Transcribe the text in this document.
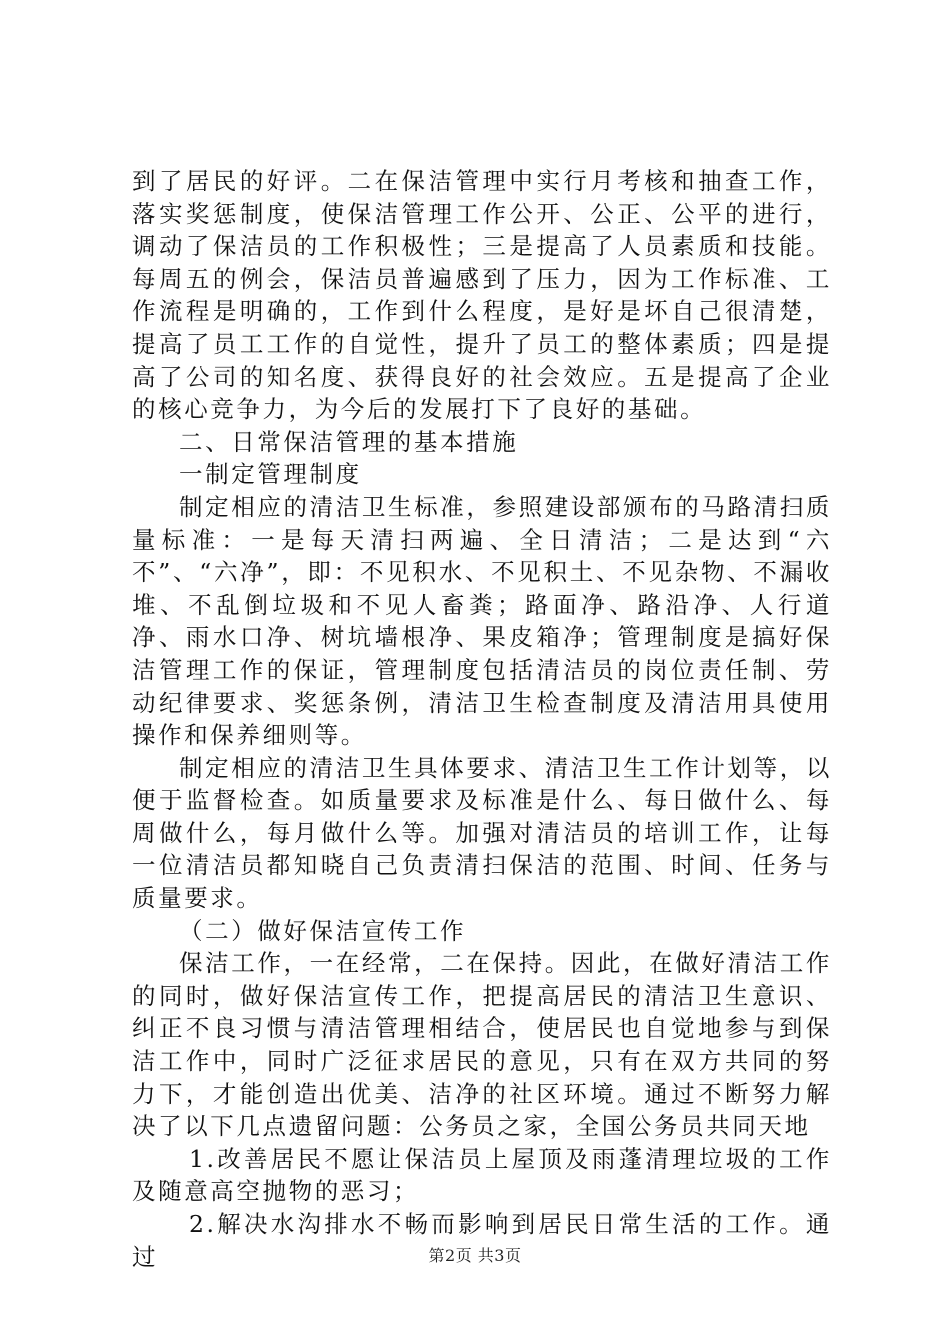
到了居民的好评。二在保洁管理中实行月考核和抽查工作，落实奖惩制度，使保洁管理工作公开、公正、公平的进行，调动了保洁员的工作积极性；三是提高了人员素质和技能。每周五的例会，保洁员普遍感到了压力，因为工作标准、工作流程是明确的，工作到什么程度，是好是坏自己很清楚，提高了员工工作的自觉性，提升了员工的整体素质；四是提高了公司的知名度、获得良好的社会效应。五是提高了企业的核心竞争力，为今后的发展打下了良好的基础。

二、日常保洁管理的基本措施

一制定管理制度

制定相应的清洁卫生标准，参照建设部颁布的马路清扫质量标准：一是每天清扫两遍、全日清洁；二是达到“六不”、“六净”，即：不见积水、不见积土、不见杂物、不漏收堆、不乱倒垃圾和不见人畜粪；路面净、路沿净、人行道净、雨水口净、树坑墙根净、果皮箱净；管理制度是搞好保洁管理工作的保证，管理制度包括清洁员的岗位责任制、劳动纪律要求、奖惩条例，清洁卫生检查制度及清洁用具使用操作和保养细则等。

制定相应的清洁卫生具体要求、清洁卫生工作计划等，以便于监督检查。如质量要求及标准是什么、每日做什么、每周做什么，每月做什么等。加强对清洁员的培训工作，让每一位清洁员都知晓自己负责清扫保洁的范围、时间、任务与质量要求。

（二）做好保洁宣传工作

保洁工作，一在经常，二在保持。因此，在做好清洁工作的同时，做好保洁宣传工作，把提高居民的清洁卫生意识、纠正不良习惯与清洁管理相结合，使居民也自觉地参与到保洁工作中，同时广泛征求居民的意见，只有在双方共同的努力下，才能创造出优美、洁净的社区环境。通过不断努力解决了以下几点遗留问题：公务员之家，全国公务员共同天地

1.改善居民不愿让保洁员上屋顶及雨蓬清理垃圾的工作及随意高空抛物的恶习；

2.解决水沟排水不畅而影响到居民日常生活的工作。通过	第2页 共3页
